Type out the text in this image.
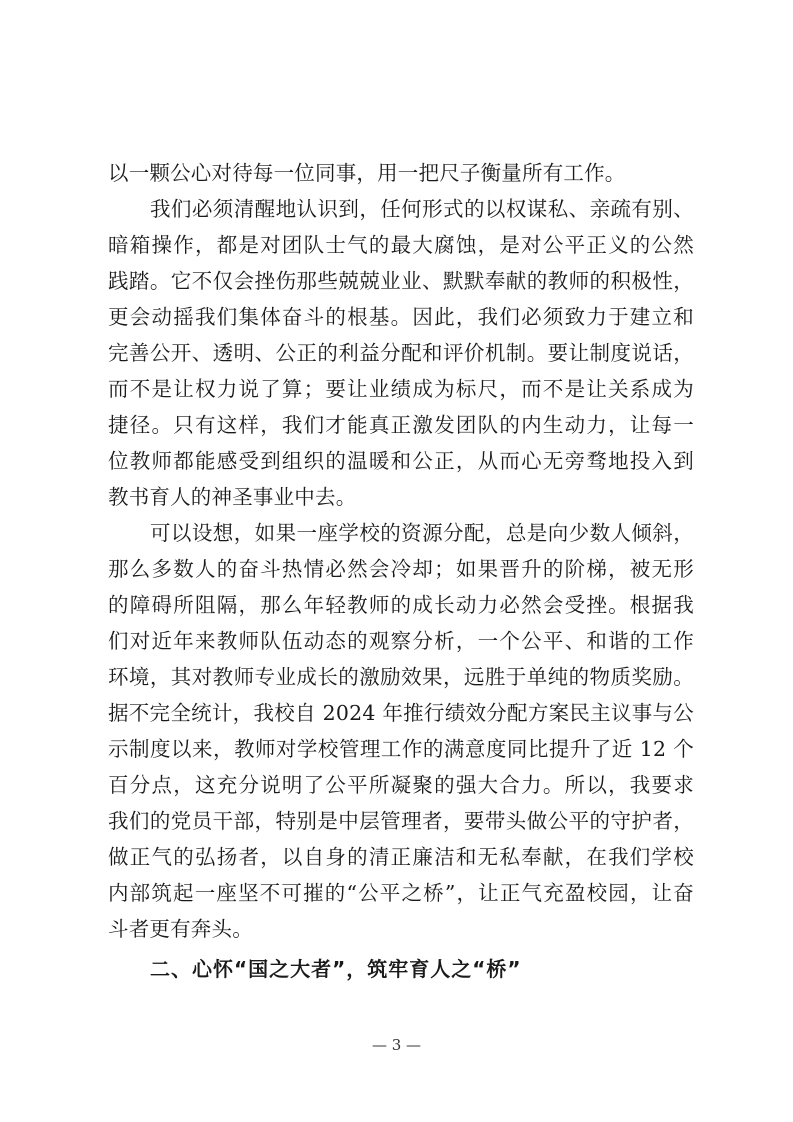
以一颗公心对待每一位同事，用一把尺子衡量所有工作。
我们必须清醒地认识到，任何形式的以权谋私、亲疏有别、
暗箱操作，都是对团队士气的最大腐蚀，是对公平正义的公然
践踏。它不仅会挫伤那些兢兢业业、默默奉献的教师的积极性，
更会动摇我们集体奋斗的根基。因此，我们必须致力于建立和
完善公开、透明、公正的利益分配和评价机制。要让制度说话，
而不是让权力说了算；要让业绩成为标尺，而不是让关系成为
捷径。只有这样，我们才能真正激发团队的内生动力，让每一
位教师都能感受到组织的温暖和公正，从而心无旁骛地投入到
教书育人的神圣事业中去。
可以设想，如果一座学校的资源分配，总是向少数人倾斜，
那么多数人的奋斗热情必然会冷却；如果晋升的阶梯，被无形
的障碍所阻隔，那么年轻教师的成长动力必然会受挫。根据我
们对近年来教师队伍动态的观察分析，一个公平、和谐的工作
环境，其对教师专业成长的激励效果，远胜于单纯的物质奖励。
据不完全统计，我校自 2024 年推行绩效分配方案民主议事与公
示制度以来，教师对学校管理工作的满意度同比提升了近 12 个
百分点，这充分说明了公平所凝聚的强大合力。所以，我要求
我们的党员干部，特别是中层管理者，要带头做公平的守护者，
做正气的弘扬者，以自身的清正廉洁和无私奉献，在我们学校
内部筑起一座坚不可摧的“公平之桥”，让正气充盈校园，让奋
斗者更有奔头。
二、心怀“国之大者”，筑牢育人之“桥”
— 3 —
